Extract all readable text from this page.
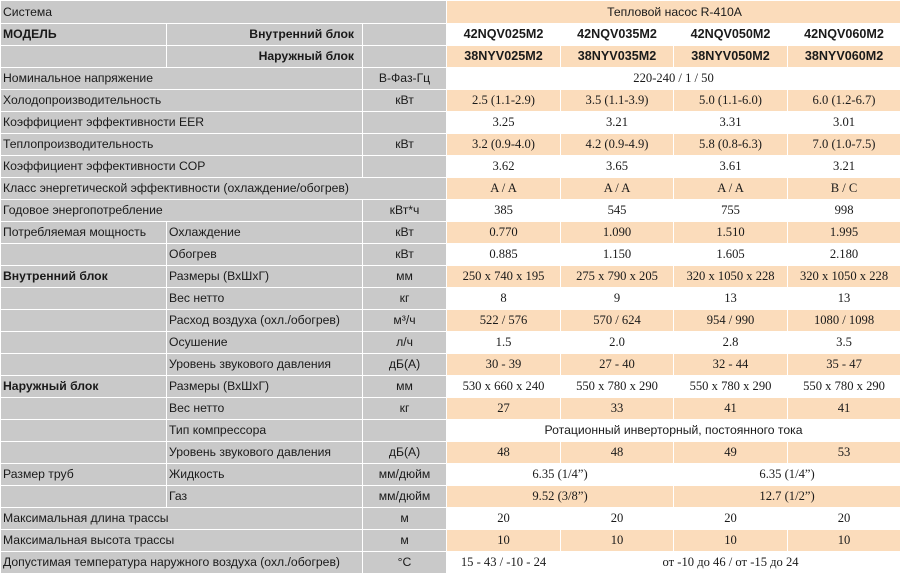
Система			Тепловой насос R-410A			
МОДЕЛЬ	Внутренний блок		42NQV025M2	42NQV035M2	42NQV050M2	42NQV060M2
	Наружный блок		38NYV025M2	38NYV035M2	38NYV050M2	38NYV060M2
Номинальное напряжение		В-Фаз-Гц	220-240 / 1 / 50			
Холодопроизводительность		кВт	2.5 (1.1-2.9)	3.5 (1.1-3.9)	5.0 (1.1-6.0)	6.0 (1.2-6.7)
Коэффициент эффективности EER			3.25	3.21	3.31	3.01
Теплопроизводительность		кВт	3.2 (0.9-4.0)	4.2 (0.9-4.9)	5.8 (0.8-6.3)	7.0 (1.0-7.5)
Коэффициент эффективности COP			3.62	3.65	3.61	3.21
Класс энергетической эффективности (охлаждение/обогрев)			A / A	A / A	A / A	B / C
Годовое энергопотребление		кВт*ч	385	545	755	998
Потребляемая мощность	Охлаждение	кВт	0.770	1.090	1.510	1.995
	Обогрев	кВт	0.885	1.150	1.605	2.180
Внутренний блок	Размеры (ВхШхГ)	мм	250 x 740 x 195	275 x 790 x 205	320 x 1050 x 228	320 x 1050 x 228
	Вес нетто	кг	8	9	13	13
	Расход воздуха (охл./обогрев)	м³/ч	522 / 576	570 / 624	954 / 990	1080 / 1098
	Осушение	л/ч	1.5	2.0	2.8	3.5
	Уровень звукового давления	дБ(A)	30 - 39	27 - 40	32 - 44	35 - 47
Наружный блок	Размеры (ВхШхГ)	мм	530 x 660 x 240	550 x 780 x 290	550 x 780 x 290	550 x 780 x 290
	Вес нетто	кг	27	33	41	41
	Тип компрессора		Ротационный инверторный, постоянного тока			
	Уровень звукового давления	дБ(A)	48	48	49	53
Размер труб	Жидкость	мм/дюйм	6.35 (1/4”)		6.35 (1/4”)	
	Газ	мм/дюйм	9.52 (3/8”)		12.7 (1/2”)	
Максимальная длина трассы		м	20	20	20	20
Максимальная высота трассы		м	10	10	10	10
Допустимая температура наружного воздуха (охл./обогрев)		°C	15 - 43 / -10 - 24	от -10 до 46 / от -15 до 24		
